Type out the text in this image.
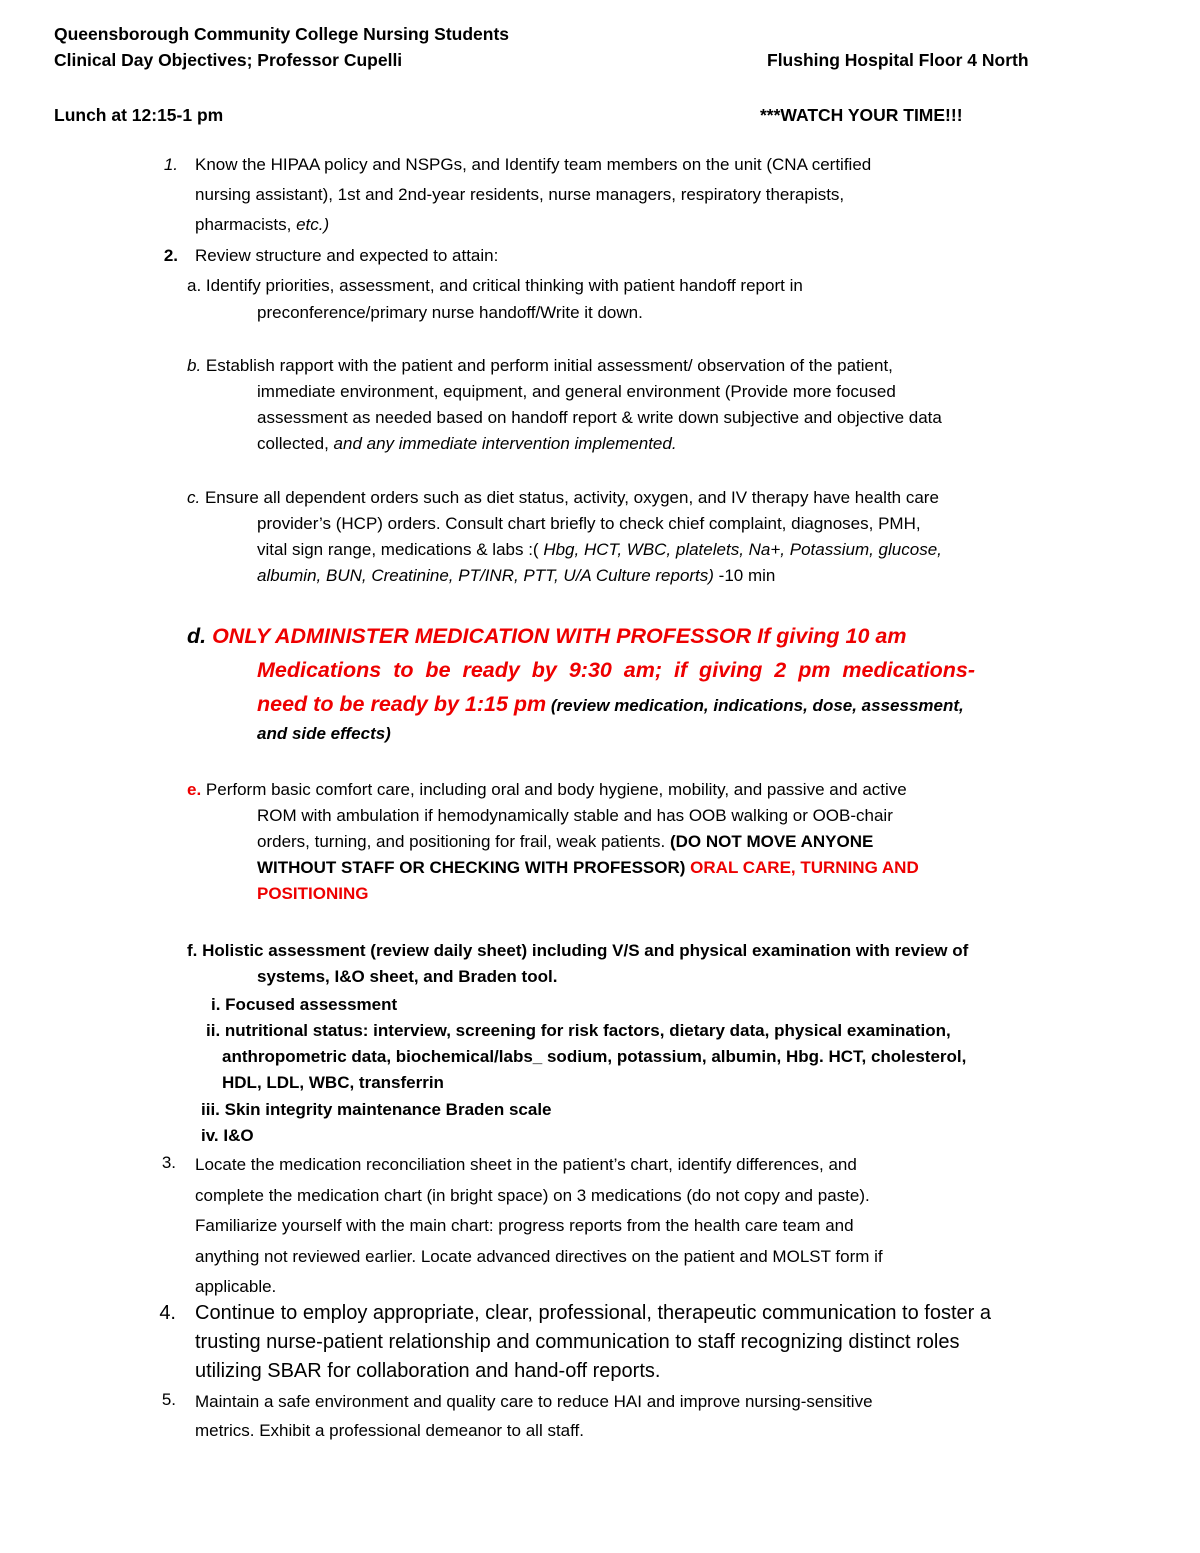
Queensborough Community College Nursing Students
Clinical Day Objectives; Professor Cupelli	Flushing Hospital Floor 4 North
Lunch at 12:15-1 pm	***WATCH YOUR TIME!!!
1. Know the HIPAA policy and NSPGs, and Identify team members on the unit (CNA certified
nursing assistant), 1st and 2nd-year residents, nurse managers, respiratory therapists,
pharmacists, etc.)
2. Review structure and expected to attain:
a. Identify priorities, assessment, and critical thinking with patient handoff report in
preconference/primary nurse handoff/Write it down.
b. Establish rapport with the patient and perform initial assessment/ observation of the patient,
immediate environment, equipment, and general environment (Provide more focused
assessment as needed based on handoff report & write down subjective and objective data
collected, and any immediate intervention implemented.
c. Ensure all dependent orders such as diet status, activity, oxygen, and IV therapy have health care
provider’s (HCP) orders. Consult chart briefly to check chief complaint, diagnoses, PMH,
vital sign range, medications & labs :( Hbg, HCT, WBC, platelets, Na+, Potassium, glucose,
albumin, BUN, Creatinine, PT/INR, PTT, U/A Culture reports) -10 min
d. ONLY ADMINISTER MEDICATION WITH PROFESSOR If giving 10 am
Medications  to  be  ready  by  9:30  am;  if  giving  2  pm  medications-
need to be ready by 1:15 pm (review medication, indications, dose, assessment,
and side effects)
e. Perform basic comfort care, including oral and body hygiene, mobility, and passive and active
ROM with ambulation if hemodynamically stable and has OOB walking or OOB-chair
orders, turning, and positioning for frail, weak patients. (DO NOT MOVE ANYONE
WITHOUT STAFF OR CHECKING WITH PROFESSOR) ORAL CARE, TURNING AND
POSITIONING
f. Holistic assessment (review daily sheet) including V/S and physical examination with review of
systems, I&O sheet, and Braden tool.
i. Focused assessment
ii. nutritional status: interview, screening for risk factors, dietary data, physical examination,
anthropometric data, biochemical/labs_ sodium, potassium, albumin, Hbg. HCT, cholesterol,
HDL, LDL, WBC, transferrin
iii. Skin integrity maintenance Braden scale
iv. I&O
3. Locate the medication reconciliation sheet in the patient’s chart, identify differences, and
complete the medication chart (in bright space) on 3 medications (do not copy and paste).
Familiarize yourself with the main chart: progress reports from the health care team and
anything not reviewed earlier. Locate advanced directives on the patient and MOLST form if
applicable.
4. Continue to employ appropriate, clear, professional, therapeutic communication to foster a
trusting nurse-patient relationship and communication to staff recognizing distinct roles
utilizing SBAR for collaboration and hand-off reports.
5. Maintain a safe environment and quality care to reduce HAI and improve nursing-sensitive
metrics. Exhibit a professional demeanor to all staff.
